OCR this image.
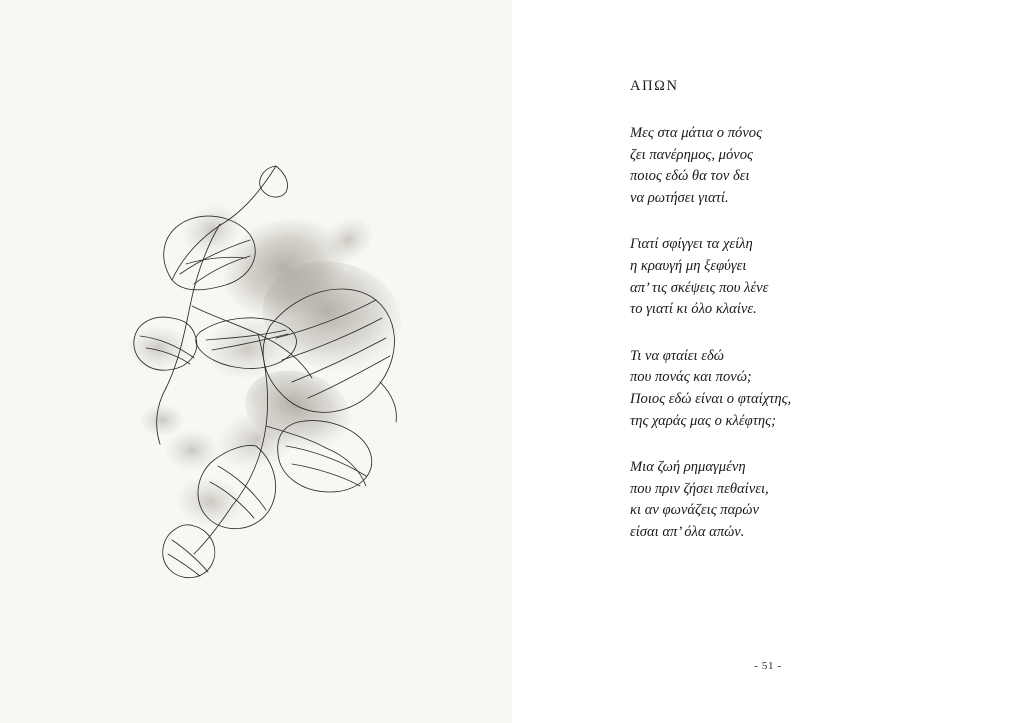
ΑΠΩΝ
Μες στα μάτια ο πόνος
ζει πανέρημος, μόνος
ποιος εδώ θα τον δει
να ρωτήσει γιατί.
Γιατί σφίγγει τα χείλη
η κραυγή μη ξεφύγει
απ’ τις σκέψεις που λένε
το γιατί κι όλο κλαίνε.
Τι να φταίει εδώ
που πονάς και πονώ;
Ποιος εδώ είναι ο φταίχτης,
της χαράς μας ο κλέφτης;
Μια ζωή ρημαγμένη
που πριν ζήσει πεθαίνει,
κι αν φωνάζεις παρών
είσαι απ’ όλα απών.
- 51 -
